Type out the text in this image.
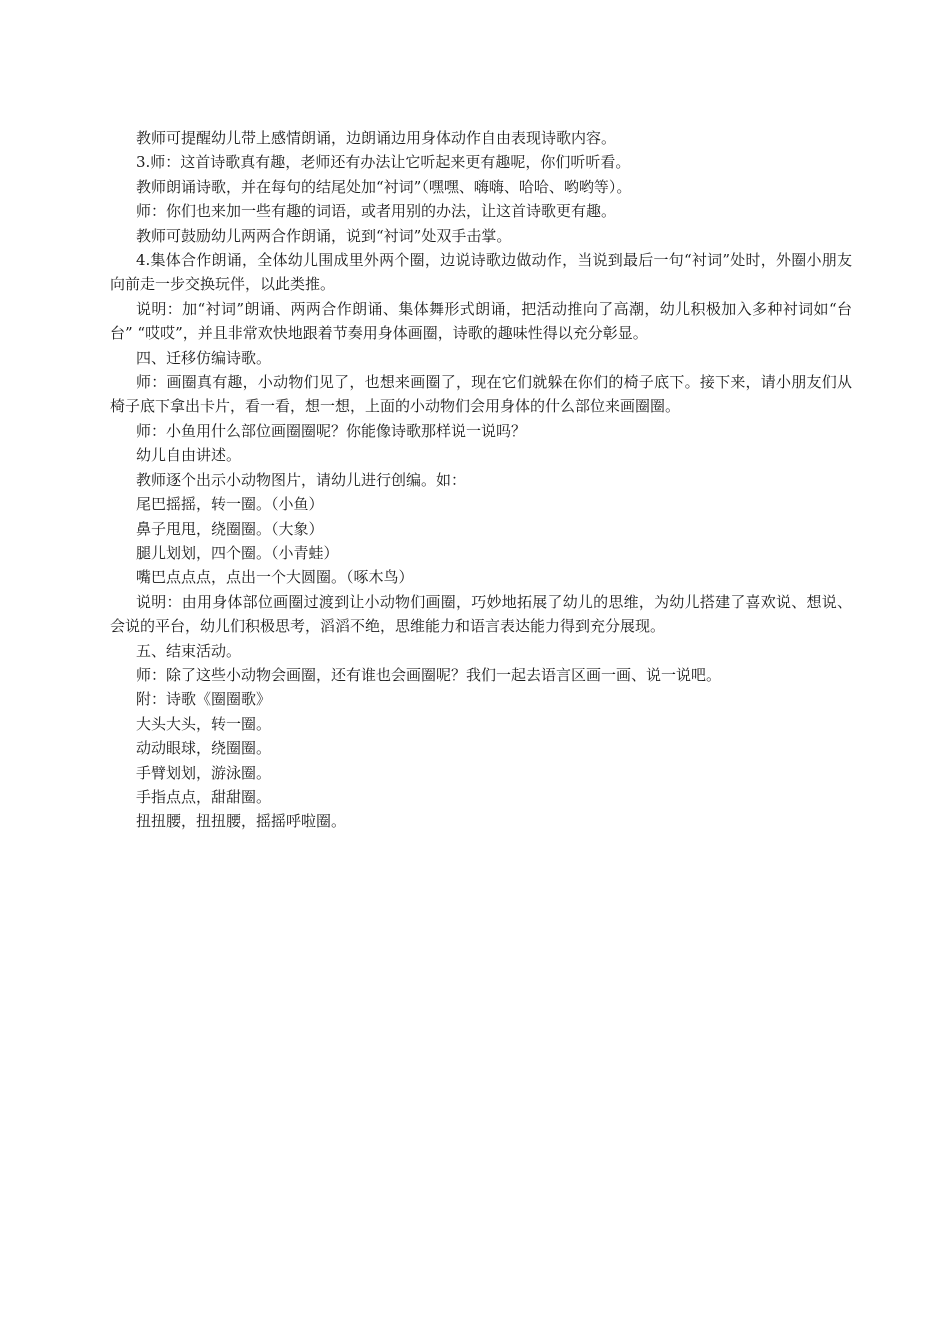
教师可提醒幼儿带上感情朗诵，边朗诵边用身体动作自由表现诗歌内容。

3.师：这首诗歌真有趣，老师还有办法让它听起来更有趣呢，你们听听看。

教师朗诵诗歌，并在每句的结尾处加“衬词”（嘿嘿、嗨嗨、哈哈、哟哟等）。

师：你们也来加一些有趣的词语，或者用别的办法，让这首诗歌更有趣。

教师可鼓励幼儿两两合作朗诵，说到“衬词”处双手击掌。

4.集体合作朗诵，全体幼儿围成里外两个圈，边说诗歌边做动作，当说到最后一句“衬词”处时，外圈小朋友向前走一步交换玩伴，以此类推。

说明：加“衬词”朗诵、两两合作朗诵、集体舞形式朗诵，把活动推向了高潮，幼儿积极加入多种衬词如“台台” “哎哎”，并且非常欢快地跟着节奏用身体画圈，诗歌的趣味性得以充分彰显。

四、迁移仿编诗歌。

师：画圈真有趣，小动物们见了，也想来画圈了，现在它们就躲在你们的椅子底下。接下来，请小朋友们从椅子底下拿出卡片，看一看，想一想，上面的小动物们会用身体的什么部位来画圈圈。

师：小鱼用什么部位画圈圈呢？你能像诗歌那样说一说吗？

幼儿自由讲述。

教师逐个出示小动物图片，请幼儿进行创编。如：

尾巴摇摇，转一圈。（小鱼）

鼻子甩甩，绕圈圈。（大象）

腿儿划划，四个圈。（小青蛙）

嘴巴点点点，点出一个大圆圈。（啄木鸟）

说明：由用身体部位画圈过渡到让小动物们画圈，巧妙地拓展了幼儿的思维，为幼儿搭建了喜欢说、想说、会说的平台，幼儿们积极思考，滔滔不绝，思维能力和语言表达能力得到充分展现。

五、结束活动。

师：除了这些小动物会画圈，还有谁也会画圈呢？我们一起去语言区画一画、说一说吧。

附：诗歌《圈圈歌》

大头大头，转一圈。

动动眼球，绕圈圈。

手臂划划，游泳圈。

手指点点，甜甜圈。

扭扭腰，扭扭腰，摇摇呼啦圈。
